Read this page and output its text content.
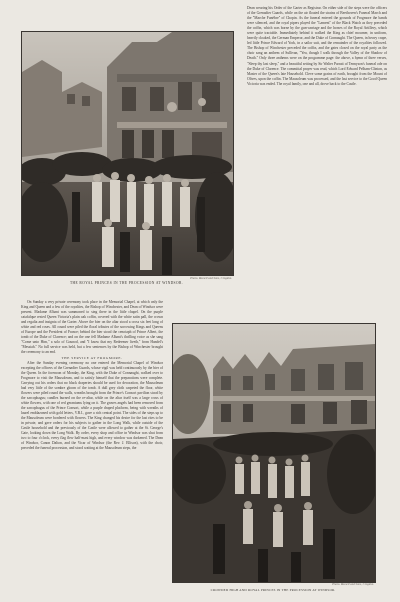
Photo. Russell and Sons, Crogdon.
THE ROYAL PRINCES IN THE PROCESSION AT WINDSOR.

Dean wearing his Order of the Garter as Registrar. On either side of the steps were the officers of the Grenadier Guards, while on the air floated the strains of Beethoven's Funeral March and the "Marche Funèbre" of Chopin. As the funeral entered the grounds of Frogmore the bands were silenced, and the royal pipers played the "Lament" of the Black Watch as they preceded the coffin, which was borne by the gun-carriage and the horses of the Royal Artillery, which were quite tractable. Immediately behind it walked the King as chief mourner, in uniform, heavily cloaked, the German Emperor, and the Duke of Connaught. The Queen, in heavy crape, led little Prince Edward of York, in a sailor suit, and the remainder of the royalties followed. The Bishop of Winchester preceded the coffin, and the gates closed on the royal party as the choir sang an anthem of Sullivan, "Yea, though I walk through the Valley of the Shadow of Death." Only three anthems were on the programme page: the above, a hymn of three verses, "Sleep thy last sleep," and a beautiful setting by Sir Walter Parratt of Tennyson's funeral ode on the Duke of Clarence. The committal prayer was read, which Lord Edward Pelham-Clinton, as Master of the Queen's late Household. Cleve some grains of earth, brought from the Mount of Olives, upon the coffin. The Mausoleum was processed, and the last service to the Good Queen Victoria was ended. The royal family, one and all, drove back to the Castle.

On Sunday a very private ceremony took place in the Memorial Chapel, at which only the King and Queen and a few of the royalties, the Bishop of Winchester, and Dean of Windsor were present. Madame Albani was summoned to sing there in the little chapel. On the purple catafalque rested Queen Victoria's plain oak coffin, covered with the white satin pall, the crown and regalia and insignia of the Garter. Above the bier on the altar stood a cross six feet long of white and red roses. All round were piled the floral tributes of the sorrowing Kings and Queens of Europe and the President of France; behind the bier stood the cenotaph of Prince Albert, the tomb of the Duke of Clarence; and on the one fell Madame Albani's thrilling voice as she sang "Come unto Him," a solo of Gounod, and "I know that my Redeemer liveth," from Handel's "Messiah." No full service was held, but a few sentences by the Bishop of Winchester brought the ceremony to an end.

THE SERVICE AT FROGMORE.

After the Sunday evening ceremony no one entered the Memorial Chapel of Windsor excepting the officers of the Grenadier Guards, whose vigil was held continuously by the bier of the Queen. In the forenoon of Monday, the King, with the Duke of Connaught, walked over to Frogmore to visit the Mausoleum, and to satisfy himself that the preparations were complete. Carrying out his orders that no black draperies should be used for decoration, the Mausoleum had very little of the sombre gloom of the tomb. A dull grey cloth carpeted the floor, white flowers were piled round the walls, wreaths brought from the Prince's Consort pavilion stood by the sarcophagus; candles burned on the re-altar, while on the altar itself was a large cross of white flowers, with one of red geraniums lying on it. The graves angels had been removed from the sarcophagus of the Prince Consort, while a purple draped platform, being with wreaths of laurel emblazoned with gold letters, V.R.I., gave a rich central point. The sides of the steps up to the Mausoleum were bordered with flowers. The King changed his desire for the last rites to be in private, and gave orders for his subjects to gather in the Long Walk, while outside of the Castle household and the previously of the Castle were allowed to gather at the St. George's Gate, looking down the Long Walk. By order, every shop and office in Windsor was shut from two to four o'clock, every flag flew half-mast high, and every window was darkened. The Dean of Windsor, Canon Dalton, and the Vicar of Windsor (the Rev. J. Ellison), with the choir, preceded the funeral procession, and stood waiting at the Mausoleum steps, the

Photo. Russell and Sons, Crogdon.
CROWDED HIGH AND ROYAL PRINCES IN THE PROCESSION AT WINDSOR.
